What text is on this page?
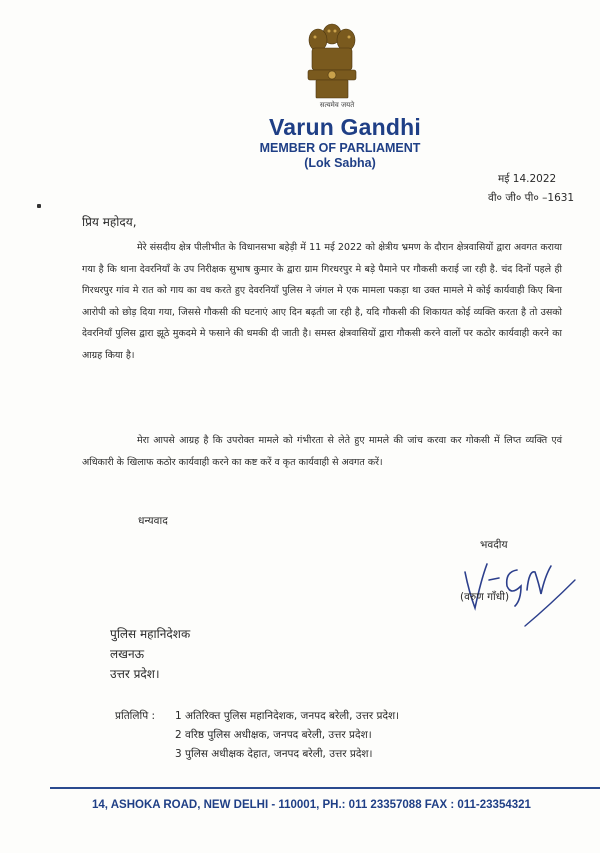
सत्यमेव जयते
Varun Gandhi
MEMBER OF PARLIAMENT
(Lok Sabha)
मई 14.2022
वी० जी० पी० –1631
प्रिय महोदय,
मेरे संसदीय क्षेत्र पीलीभीत के विधानसभा बहेड़ी में 11 मई 2022 को क्षेत्रीय भ्रमण के दौरान क्षेत्रवासियों द्वारा अवगत कराया गया है कि थाना देवरनियाँ के उप निरीक्षक सुभाष कुमार के द्वारा ग्राम गिरधरपुर मे बड़े पैमाने पर गौकसी कराई जा रही है. चंद दिनों पहले ही गिरधरपुर गांव मे रात को गाय का वध करते हुए देवरनियाँ पुलिस ने जंगल मे एक मामला पकड़ा था उक्त मामले मे कोई कार्यवाही किए बिना आरोपी को छोड़ दिया गया, जिससे गौकसी की घटनाएं आए दिन बढ़ती जा रही है, यदि गौकसी की शिकायत कोई व्यक्ति करता है तो उसको देवरनियाँ पुलिस द्वारा झूठे मुकदमे मे फसाने की धमकी दी जाती है। समस्त क्षेत्रवासियों द्वारा गौकसी करने वालों पर कठोर कार्यवाही करने का आग्रह किया है।
मेरा आपसे आग्रह है कि उपरोक्त मामले को गंभीरता से लेते हुए मामले की जांच करवा कर गोकसी में लिप्त व्यक्ति एवं अधिकारी के खिलाफ कठोर कार्यवाही करने का कष्ट करें व कृत कार्यवाही से अवगत करें।
धन्यवाद
भवदीय
(वरुण गाँधी)
पुलिस महानिदेशक
लखनऊ
उत्तर प्रदेश।
प्रतिलिपि : 1 अतिरिक्त पुलिस महानिदेशक, जनपद बरेली, उत्तर प्रदेश।
2 वरिष्ठ पुलिस अधीक्षक, जनपद बरेली, उत्तर प्रदेश।
3 पुलिस अधीक्षक देहात, जनपद बरेली, उत्तर प्रदेश।
14, ASHOKA ROAD, NEW DELHI - 110001, PH.: 011 23357088 FAX : 011-23354321
